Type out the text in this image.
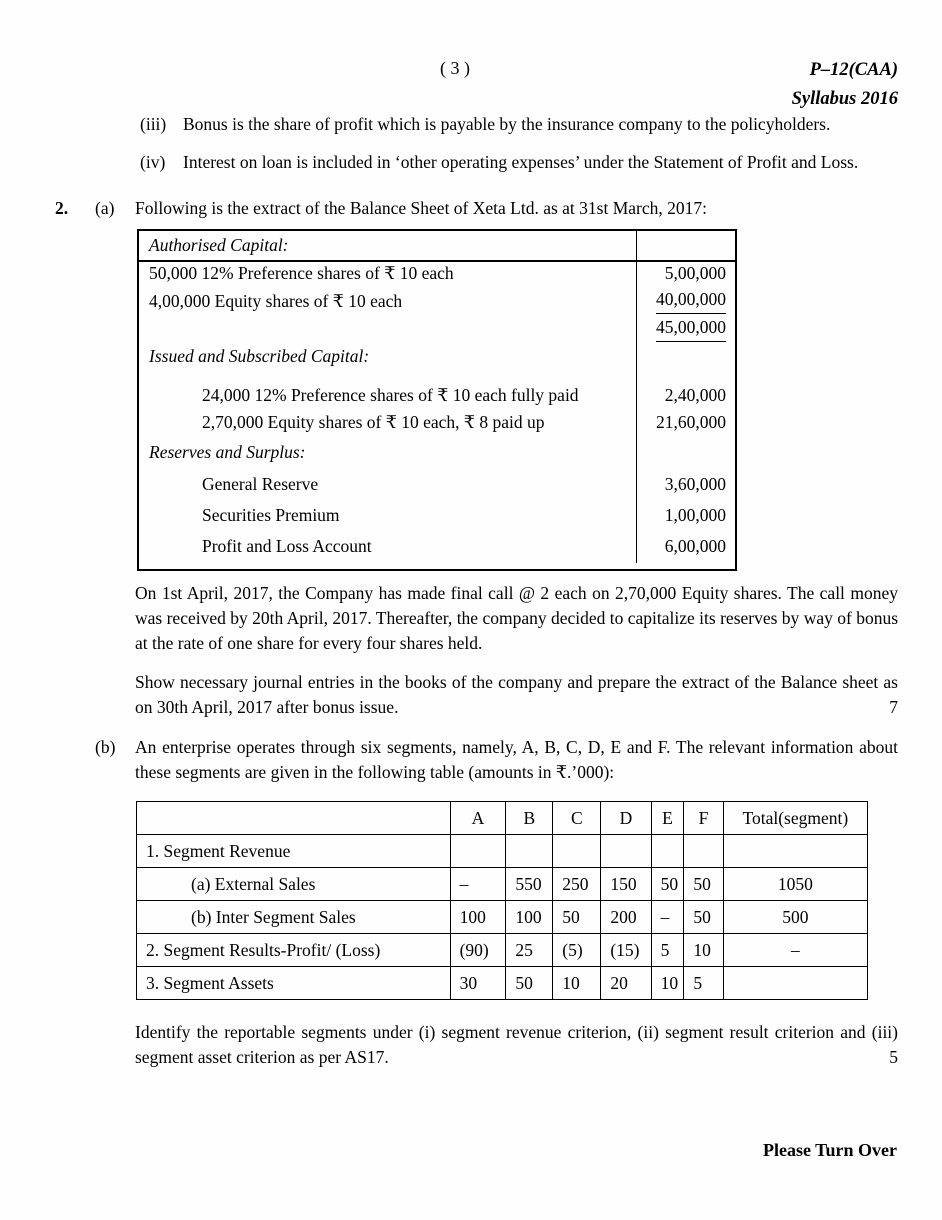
( 3 )	P–12(CAA)
Syllabus 2016
(iii) Bonus is the share of profit which is payable by the insurance company to the policyholders.
(iv)	Interest on loan is included in ‘other operating expenses’ under the Statement of Profit and Loss.
2.	(a)	Following is the extract of the Balance Sheet of Xeta Ltd. as at 31st March, 2017:
Authorised Capital:
50,000 12% Preference shares of ₹ 10 each	5,00,000
4,00,000 Equity shares of ₹ 10 each	40,00,000
45,00,000
Issued and Subscribed Capital:
24,000 12% Preference shares of ₹ 10 each fully paid	2,40,000
2,70,000 Equity shares of ₹ 10 each, ₹ 8 paid up	21,60,000
Reserves and Surplus:
General Reserve	3,60,000
Securities Premium	1,00,000
Profit and Loss Account	6,00,000
On 1st April, 2017, the Company has made final call @ 2 each on 2,70,000 Equity shares. The call money was received by 20th April, 2017. Thereafter, the company decided to capitalize its reserves by way of bonus at the rate of one share for every four shares held.
Show necessary journal entries in the books of the company and prepare the extract of the Balance sheet as on 30th April, 2017 after bonus issue.	7
(b)	An enterprise operates through six segments, namely, A, B, C, D, E and F. The relevant information about these segments are given in the following table (amounts in ₹.’000):
	A	B	C	D	E	F	Total(segment)
1. Segment Revenue							
(a) External Sales	–	550	250	150	50	50	1050
(b) Inter Segment Sales	100	100	50	200	–	50	500
2. Segment Results-Profit/ (Loss)	(90)	25	(5)	(15)	5	10	–
3. Segment Assets	30	50	10	20	10	5	
Identify the reportable segments under (i) segment revenue criterion, (ii) segment result criterion and (iii) segment asset criterion as per AS17.	5
Please Turn Over
